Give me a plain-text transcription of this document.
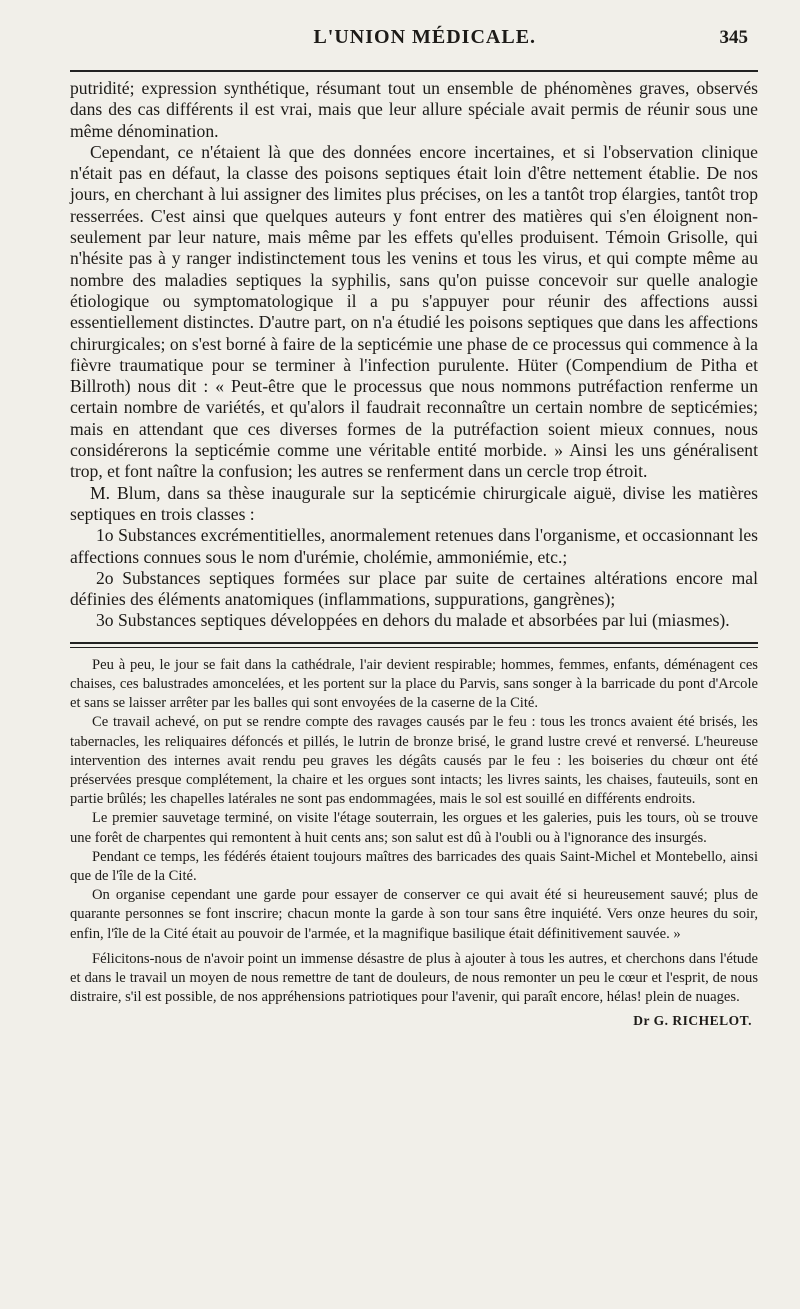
L'UNION MÉDICALE.	345

putridité; expression synthétique, résumant tout un ensemble de phénomènes graves, observés dans des cas différents il est vrai, mais que leur allure spéciale avait permis de réunir sous une même dénomination.

Cependant, ce n'étaient là que des données encore incertaines, et si l'observation clinique n'était pas en défaut, la classe des poisons septiques était loin d'être nettement établie. De nos jours, en cherchant à lui assigner des limites plus précises, on les a tantôt trop élargies, tantôt trop resserrées. C'est ainsi que quelques auteurs y font entrer des matières qui s'en éloignent non-seulement par leur nature, mais même par les effets qu'elles produisent. Témoin Grisolle, qui n'hésite pas à y ranger indistinctement tous les venins et tous les virus, et qui compte même au nombre des maladies septiques la syphilis, sans qu'on puisse concevoir sur quelle analogie étiologique ou symptomatologique il a pu s'appuyer pour réunir des affections aussi essentiellement distinctes. D'autre part, on n'a étudié les poisons septiques que dans les affections chirurgicales; on s'est borné à faire de la septicémie une phase de ce processus qui commence à la fièvre traumatique pour se terminer à l'infection purulente. Hüter (Compendium de Pitha et Billroth) nous dit : « Peut-être que le processus que nous nommons putréfaction renferme un certain nombre de variétés, et qu'alors il faudrait reconnaître un certain nombre de septicémies; mais en attendant que ces diverses formes de la putréfaction soient mieux connues, nous considérerons la septicémie comme une véritable entité morbide. » Ainsi les uns généralisent trop, et font naître la confusion; les autres se renferment dans un cercle trop étroit.

M. Blum, dans sa thèse inaugurale sur la septicémie chirurgicale aiguë, divise les matières septiques en trois classes :

1o Substances excrémentitielles, anormalement retenues dans l'organisme, et occasionnant les affections connues sous le nom d'urémie, cholémie, ammoniémie, etc.;

2o Substances septiques formées sur place par suite de certaines altérations encore mal définies des éléments anatomiques (inflammations, suppurations, gangrènes);

3o Substances septiques développées en dehors du malade et absorbées par lui (miasmes).

Peu à peu, le jour se fait dans la cathédrale, l'air devient respirable; hommes, femmes, enfants, déménagent ces chaises, ces balustrades amoncelées, et les portent sur la place du Parvis, sans songer à la barricade du pont d'Arcole et sans se laisser arrêter par les balles qui sont envoyées de la caserne de la Cité.

Ce travail achevé, on put se rendre compte des ravages causés par le feu : tous les troncs avaient été brisés, les tabernacles, les reliquaires défoncés et pillés, le lutrin de bronze brisé, le grand lustre crevé et renversé. L'heureuse intervention des internes avait rendu peu graves les dégâts causés par le feu : les boiseries du chœur ont été préservées presque complétement, la chaire et les orgues sont intacts; les livres saints, les chaises, fauteuils, sont en partie brûlés; les chapelles latérales ne sont pas endommagées, mais le sol est souillé en différents endroits.

Le premier sauvetage terminé, on visite l'étage souterrain, les orgues et les galeries, puis les tours, où se trouve une forêt de charpentes qui remontent à huit cents ans; son salut est dû à l'oubli ou à l'ignorance des insurgés.

Pendant ce temps, les fédérés étaient toujours maîtres des barricades des quais Saint-Michel et Montebello, ainsi que de l'île de la Cité.

On organise cependant une garde pour essayer de conserver ce qui avait été si heureusement sauvé; plus de quarante personnes se font inscrire; chacun monte la garde à son tour sans être inquiété. Vers onze heures du soir, enfin, l'île de la Cité était au pouvoir de l'armée, et la magnifique basilique était définitivement sauvée. »

Félicitons-nous de n'avoir point un immense désastre de plus à ajouter à tous les autres, et cherchons dans l'étude et dans le travail un moyen de nous remettre de tant de douleurs, de nous remonter un peu le cœur et l'esprit, de nous distraire, s'il est possible, de nos appréhensions patriotiques pour l'avenir, qui paraît encore, hélas! plein de nuages.

Dr G. RICHELOT.
